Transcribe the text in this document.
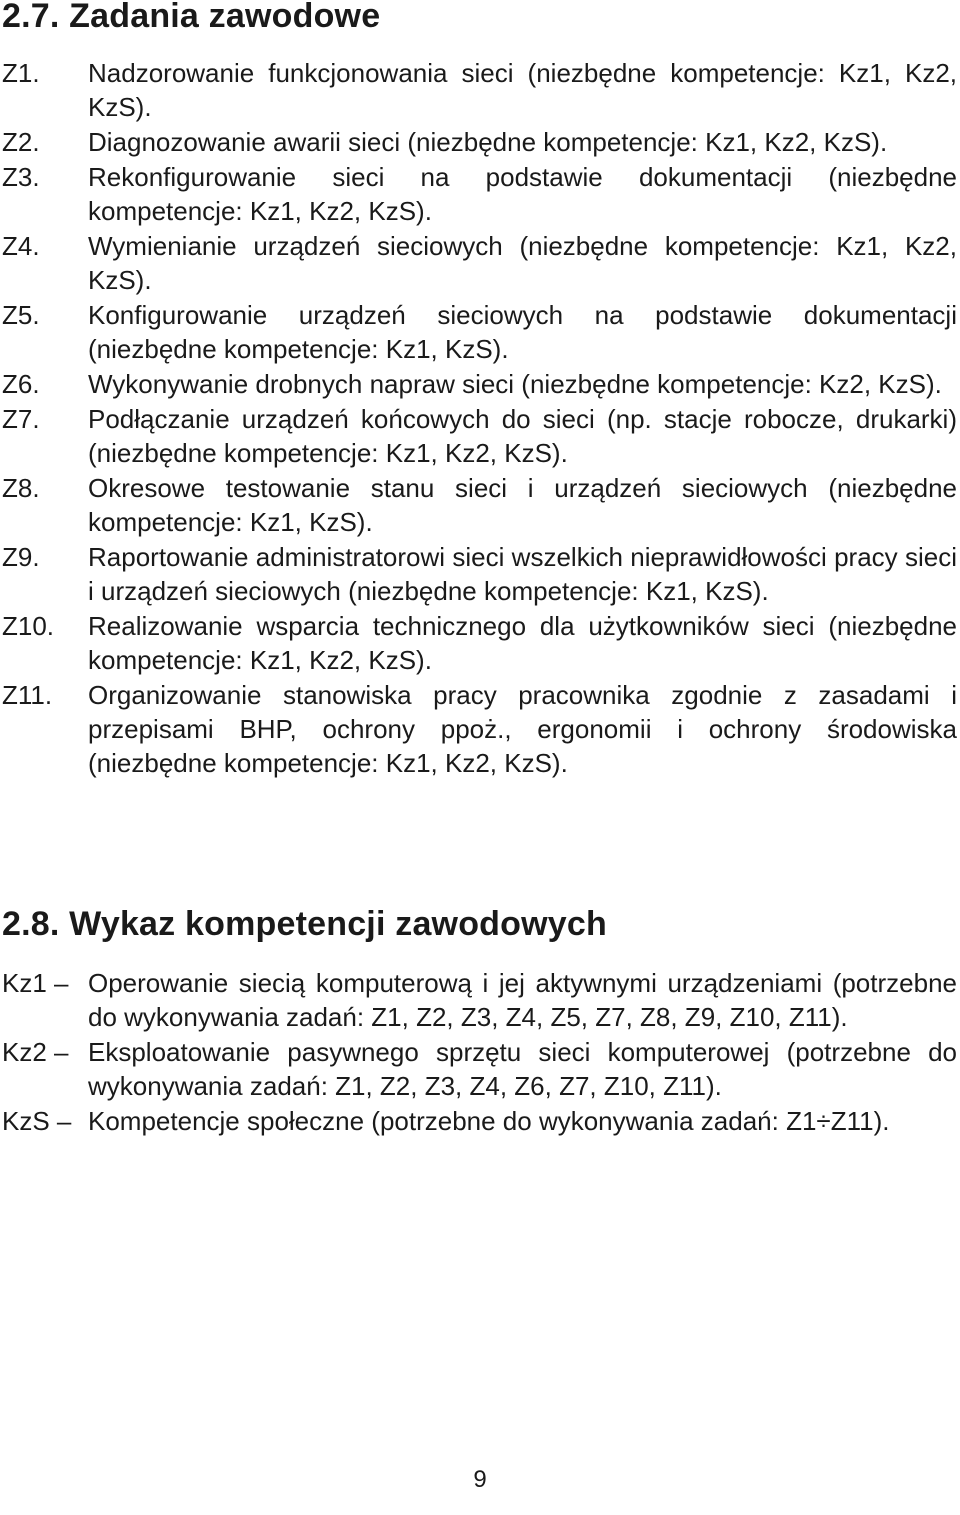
2.7. Zadania zawodowe
Z1.	Nadzorowanie funkcjonowania sieci (niezbędne kompetencje: Kz1, Kz2, KzS).
Z2.	Diagnozowanie awarii sieci (niezbędne kompetencje: Kz1, Kz2, KzS).
Z3.	Rekonfigurowanie sieci na podstawie dokumentacji (niezbędne kompetencje: Kz1, Kz2, KzS).
Z4.	Wymienianie urządzeń sieciowych (niezbędne kompetencje: Kz1, Kz2, KzS).
Z5.	Konfigurowanie urządzeń sieciowych na podstawie dokumentacji (niezbędne kompetencje: Kz1, KzS).
Z6.	Wykonywanie drobnych napraw sieci (niezbędne kompetencje: Kz2, KzS).
Z7.	Podłączanie urządzeń końcowych do sieci (np. stacje robocze, drukarki) (niezbędne kompetencje: Kz1, Kz2, KzS).
Z8.	Okresowe testowanie stanu sieci i urządzeń sieciowych (niezbędne kompetencje: Kz1, KzS).
Z9.	Raportowanie administratorowi sieci wszelkich nieprawidłowości pracy sieci i urządzeń sieciowych (niezbędne kompetencje: Kz1, KzS).
Z10.	Realizowanie wsparcia technicznego dla użytkowników sieci (niezbędne kompetencje: Kz1, Kz2, KzS).
Z11.	Organizowanie stanowiska pracy pracownika zgodnie z zasadami i przepisami BHP, ochrony ppoż., ergonomii i ochrony środowiska (niezbędne kompetencje: Kz1, Kz2, KzS).
2.8. Wykaz kompetencji zawodowych
Kz1 – Operowanie siecią komputerową i jej aktywnymi urządzeniami (potrzebne do wykonywania zadań: Z1, Z2, Z3, Z4, Z5, Z7, Z8, Z9, Z10, Z11).
Kz2 – Eksploatowanie pasywnego sprzętu sieci komputerowej (potrzebne do wykonywania zadań: Z1, Z2, Z3, Z4, Z6, Z7, Z10, Z11).
KzS – Kompetencje społeczne (potrzebne do wykonywania zadań: Z1÷Z11).
9
